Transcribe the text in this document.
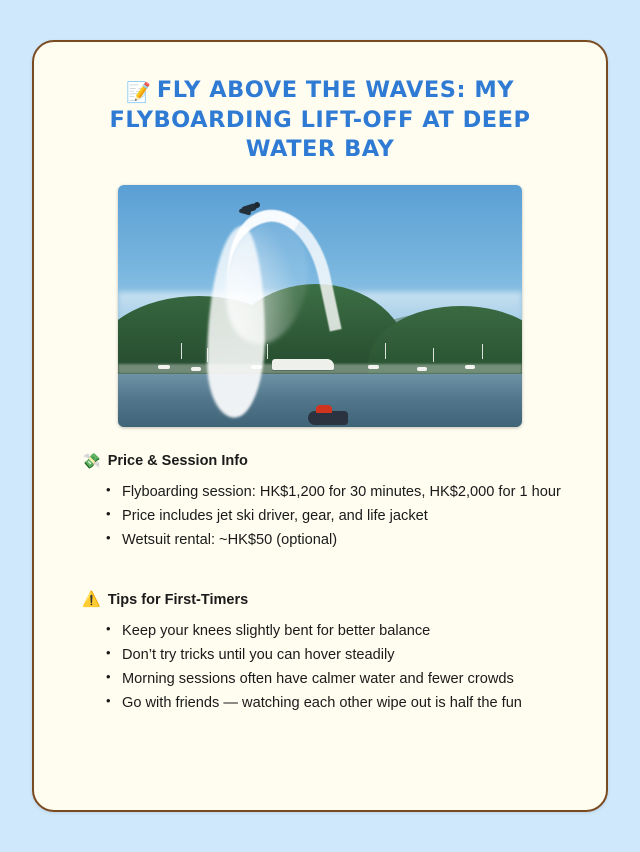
📝 FLY ABOVE THE WAVES: MY FLYBOARDING LIFT-OFF AT DEEP WATER BAY
💸 Price & Session Info
• Flyboarding session: HK$1,200 for 30 minutes, HK$2,000 for 1 hour
• Price includes jet ski driver, gear, and life jacket
• Wetsuit rental: ~HK$50 (optional)
⚠️ Tips for First-Timers
• Keep your knees slightly bent for better balance
• Don’t try tricks until you can hover steadily
• Morning sessions often have calmer water and fewer crowds
• Go with friends — watching each other wipe out is half the fun
